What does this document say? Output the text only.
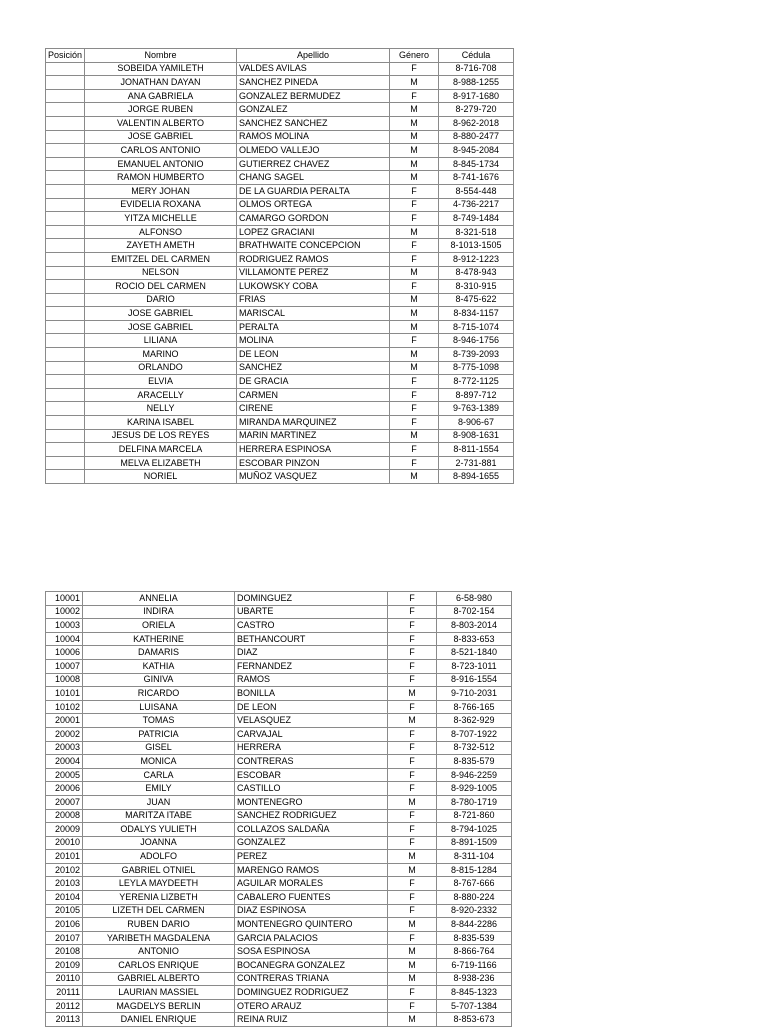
Posición	Nombre	Apellido	Género	Cédula
	SOBEIDA YAMILETH	VALDES AVILAS	F	8-716-708
	JONATHAN DAYAN	SANCHEZ PINEDA	M	8-988-1255
	ANA GABRIELA	GONZALEZ BERMUDEZ	F	8-917-1680
	JORGE RUBEN	GONZALEZ	M	8-279-720
	VALENTIN ALBERTO	SANCHEZ SANCHEZ	M	8-962-2018
	JOSE GABRIEL	RAMOS MOLINA	M	8-880-2477
	CARLOS ANTONIO	OLMEDO VALLEJO	M	8-945-2084
	EMANUEL ANTONIO	GUTIERREZ CHAVEZ	M	8-845-1734
	RAMON HUMBERTO	CHANG SAGEL	M	8-741-1676
	MERY JOHAN	DE LA GUARDIA PERALTA	F	8-554-448
	EVIDELIA ROXANA	OLMOS ORTEGA	F	4-736-2217
	YITZA MICHELLE	CAMARGO GORDON	F	8-749-1484
	ALFONSO	LOPEZ GRACIANI	M	8-321-518
	ZAYETH AMETH	BRATHWAITE CONCEPCION	F	8-1013-1505
	EMITZEL DEL CARMEN	RODRIGUEZ RAMOS	F	8-912-1223
	NELSON	VILLAMONTE PEREZ	M	8-478-943
	ROCIO DEL CARMEN	LUKOWSKY COBA	F	8-310-915
	DARIO	FRIAS	M	8-475-622
	JOSE GABRIEL	MARISCAL	M	8-834-1157
	JOSE GABRIEL	PERALTA	M	8-715-1074
	LILIANA	MOLINA	F	8-946-1756
	MARINO	DE LEON	M	8-739-2093
	ORLANDO	SANCHEZ	M	8-775-1098
	ELVIA	DE GRACIA	F	8-772-1125
	ARACELLY	CARMEN	F	8-897-712
	NELLY	CIRENE	F	9-763-1389
	KARINA ISABEL	MIRANDA MARQUINEZ	F	8-906-67
	JESUS DE LOS REYES	MARIN MARTINEZ	M	8-908-1631
	DELFINA MARCELA	HERRERA ESPINOSA	F	8-811-1554
	MELVA ELIZABETH	ESCOBAR PINZON	F	2-731-881
	NORIEL	MUÑOZ VASQUEZ	M	8-894-1655
10001	ANNELIA	DOMINGUEZ	F	6-58-980
10002	INDIRA	UBARTE	F	8-702-154
10003	ORIELA	CASTRO	F	8-803-2014
10004	KATHERINE	BETHANCOURT	F	8-833-653
10006	DAMARIS	DIAZ	F	8-521-1840
10007	KATHIA	FERNANDEZ	F	8-723-1011
10008	GINIVA	RAMOS	F	8-916-1554
10101	RICARDO	BONILLA	M	9-710-2031
10102	LUISANA	DE LEON	F	8-766-165
20001	TOMAS	VELASQUEZ	M	8-362-929
20002	PATRICIA	CARVAJAL	F	8-707-1922
20003	GISEL	HERRERA	F	8-732-512
20004	MONICA	CONTRERAS	F	8-835-579
20005	CARLA	ESCOBAR	F	8-946-2259
20006	EMILY	CASTILLO	F	8-929-1005
20007	JUAN	MONTENEGRO	M	8-780-1719
20008	MARITZA ITABE	SANCHEZ RODRIGUEZ	F	8-721-860
20009	ODALYS YULIETH	COLLAZOS SALDAÑA	F	8-794-1025
20010	JOANNA	GONZALEZ	F	8-891-1509
20101	ADOLFO	PEREZ	M	8-311-104
20102	GABRIEL OTNIEL	MARENGO RAMOS	M	8-815-1284
20103	LEYLA MAYDEETH	AGUILAR MORALES	F	8-767-666
20104	YERENIA LIZBETH	CABALERO FUENTES	F	8-880-224
20105	LIZETH DEL CARMEN	DIAZ ESPINOSA	F	8-920-2332
20106	RUBEN DARIO	MONTENEGRO QUINTERO	M	8-844-2286
20107	YARIBETH MAGDALENA	GARCIA PALACIOS	F	8-835-539
20108	ANTONIO	SOSA ESPINOSA	M	8-866-764
20109	CARLOS ENRIQUE	BOCANEGRA GONZALEZ	M	6-719-1166
20110	GABRIEL ALBERTO	CONTRERAS TRIANA	M	8-938-236
20111	LAURIAN MASSIEL	DOMINGUEZ RODRIGUEZ	F	8-845-1323
20112	MAGDELYS BERLIN	OTERO ARAUZ	F	5-707-1384
20113	DANIEL ENRIQUE	REINA RUIZ	M	8-853-673
